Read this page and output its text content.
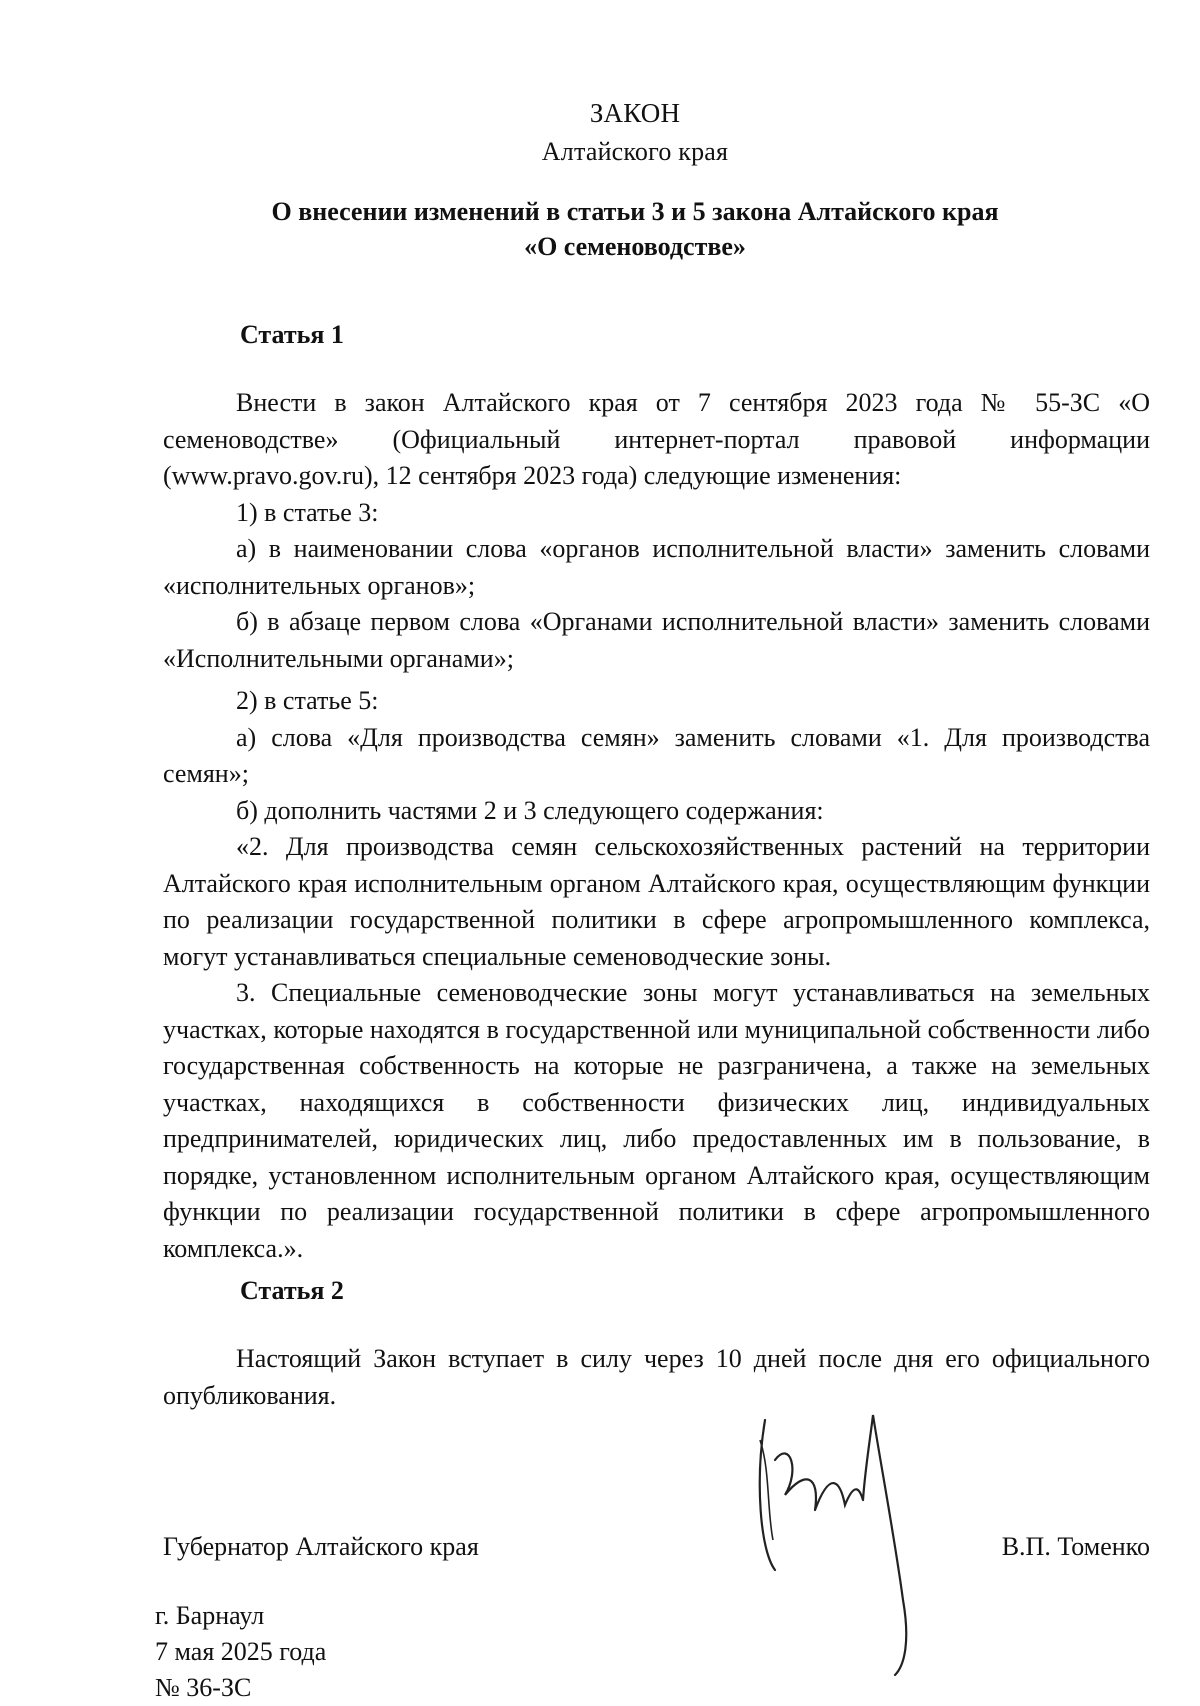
ЗАКОН
Алтайского края
О внесении изменений в статьи 3 и 5 закона Алтайского края
«О семеноводстве»
Статья 1

Внести в закон Алтайского края от 7 сентября 2023 года № 55-ЗС «О семеноводстве» (Официальный интернет-портал правовой информации (www.pravo.gov.ru), 12 сентября 2023 года) следующие изменения:

1) в статье 3:

а) в наименовании слова «органов исполнительной власти» заменить словами «исполнительных органов»;

б) в абзаце первом слова «Органами исполнительной власти» заменить словами «Исполнительными органами»;

2) в статье 5:

а) слова «Для производства семян» заменить словами «1. Для производства семян»;

б) дополнить частями 2 и 3 следующего содержания:

«2. Для производства семян сельскохозяйственных растений на территории Алтайского края исполнительным органом Алтайского края, осуществляющим функции по реализации государственной политики в сфере агропромышленного комплекса, могут устанавливаться специальные семеноводческие зоны.

3. Специальные семеноводческие зоны могут устанавливаться на земельных участках, которые находятся в государственной или муниципальной собственности либо государственная собственность на которые не разграничена, а также на земельных участках, находящихся в собственности физических лиц, индивидуальных предпринимателей, юридических лиц, либо предоставленных им в пользование, в порядке, установленном исполнительным органом Алтайского края, осуществляющим функции по реализации государственной политики в сфере агропромышленного комплекса.».

Статья 2

Настоящий Закон вступает в силу через 10 дней после дня его официального опубликования.

Губернатор Алтайского края	В.П. Томенко
г. Барнаул
7 мая 2025 года
№ 36-ЗС
